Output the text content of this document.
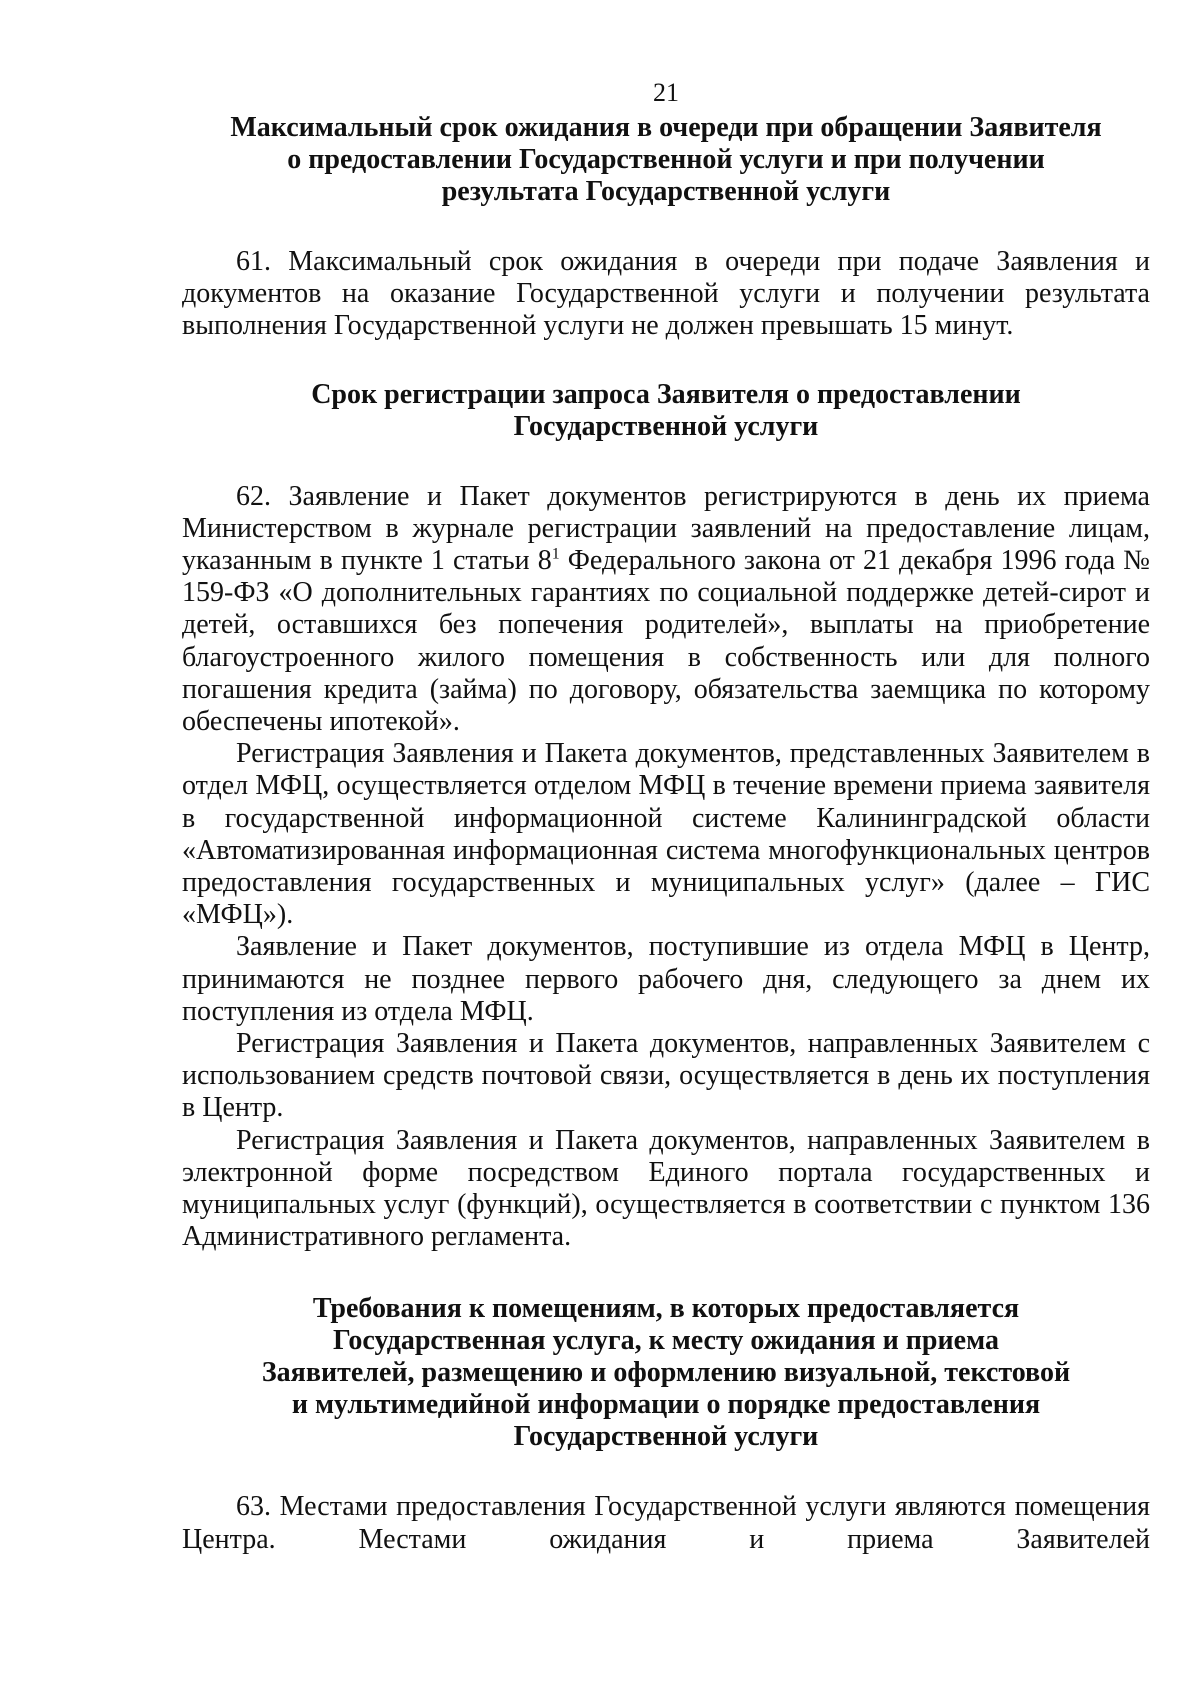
21
Максимальный срок ожидания в очереди при обращении Заявителя
о предоставлении Государственной услуги и при получении
результата Государственной услуги

61. Максимальный срок ожидания в очереди при подаче Заявления и документов на оказание Государственной услуги и получении результата выполнения Государственной услуги не должен превышать 15 минут.

Срок регистрации запроса Заявителя о предоставлении
Государственной услуги

62. Заявление и Пакет документов регистрируются в день их приема Министерством в журнале регистрации заявлений на предоставление лицам, указанным в пункте 1 статьи $8^1$ Федерального закона от 21 декабря 1996 года № 159-ФЗ «О дополнительных гарантиях по социальной поддержке детей-сирот и детей, оставшихся без попечения родителей», выплаты на приобретение благоустроенного жилого помещения в собственность или для полного погашения кредита (займа) по договору, обязательства заемщика по которому обеспечены ипотекой».

Регистрация Заявления и Пакета документов, представленных Заявителем в отдел МФЦ, осуществляется отделом МФЦ в течение времени приема заявителя в государственной информационной системе Калининградской области «Автоматизированная информационная система многофункциональных центров предоставления государственных и муниципальных услуг» (далее – ГИС «МФЦ»).

Заявление и Пакет документов, поступившие из отдела МФЦ в Центр, принимаются не позднее первого рабочего дня, следующего за днем их поступления из отдела МФЦ.

Регистрация Заявления и Пакета документов, направленных Заявителем с использованием средств почтовой связи, осуществляется в день их поступления в Центр.

Регистрация Заявления и Пакета документов, направленных Заявителем в электронной форме посредством Единого портала государственных и муниципальных услуг (функций), осуществляется в соответствии с пунктом 136 Административного регламента.

Требования к помещениям, в которых предоставляется
Государственная услуга, к месту ожидания и приема
Заявителей, размещению и оформлению визуальной, текстовой
и мультимедийной информации о порядке предоставления
Государственной услуги

63. Местами предоставления Государственной услуги являются помещения Центра. Местами ожидания и приема Заявителей
